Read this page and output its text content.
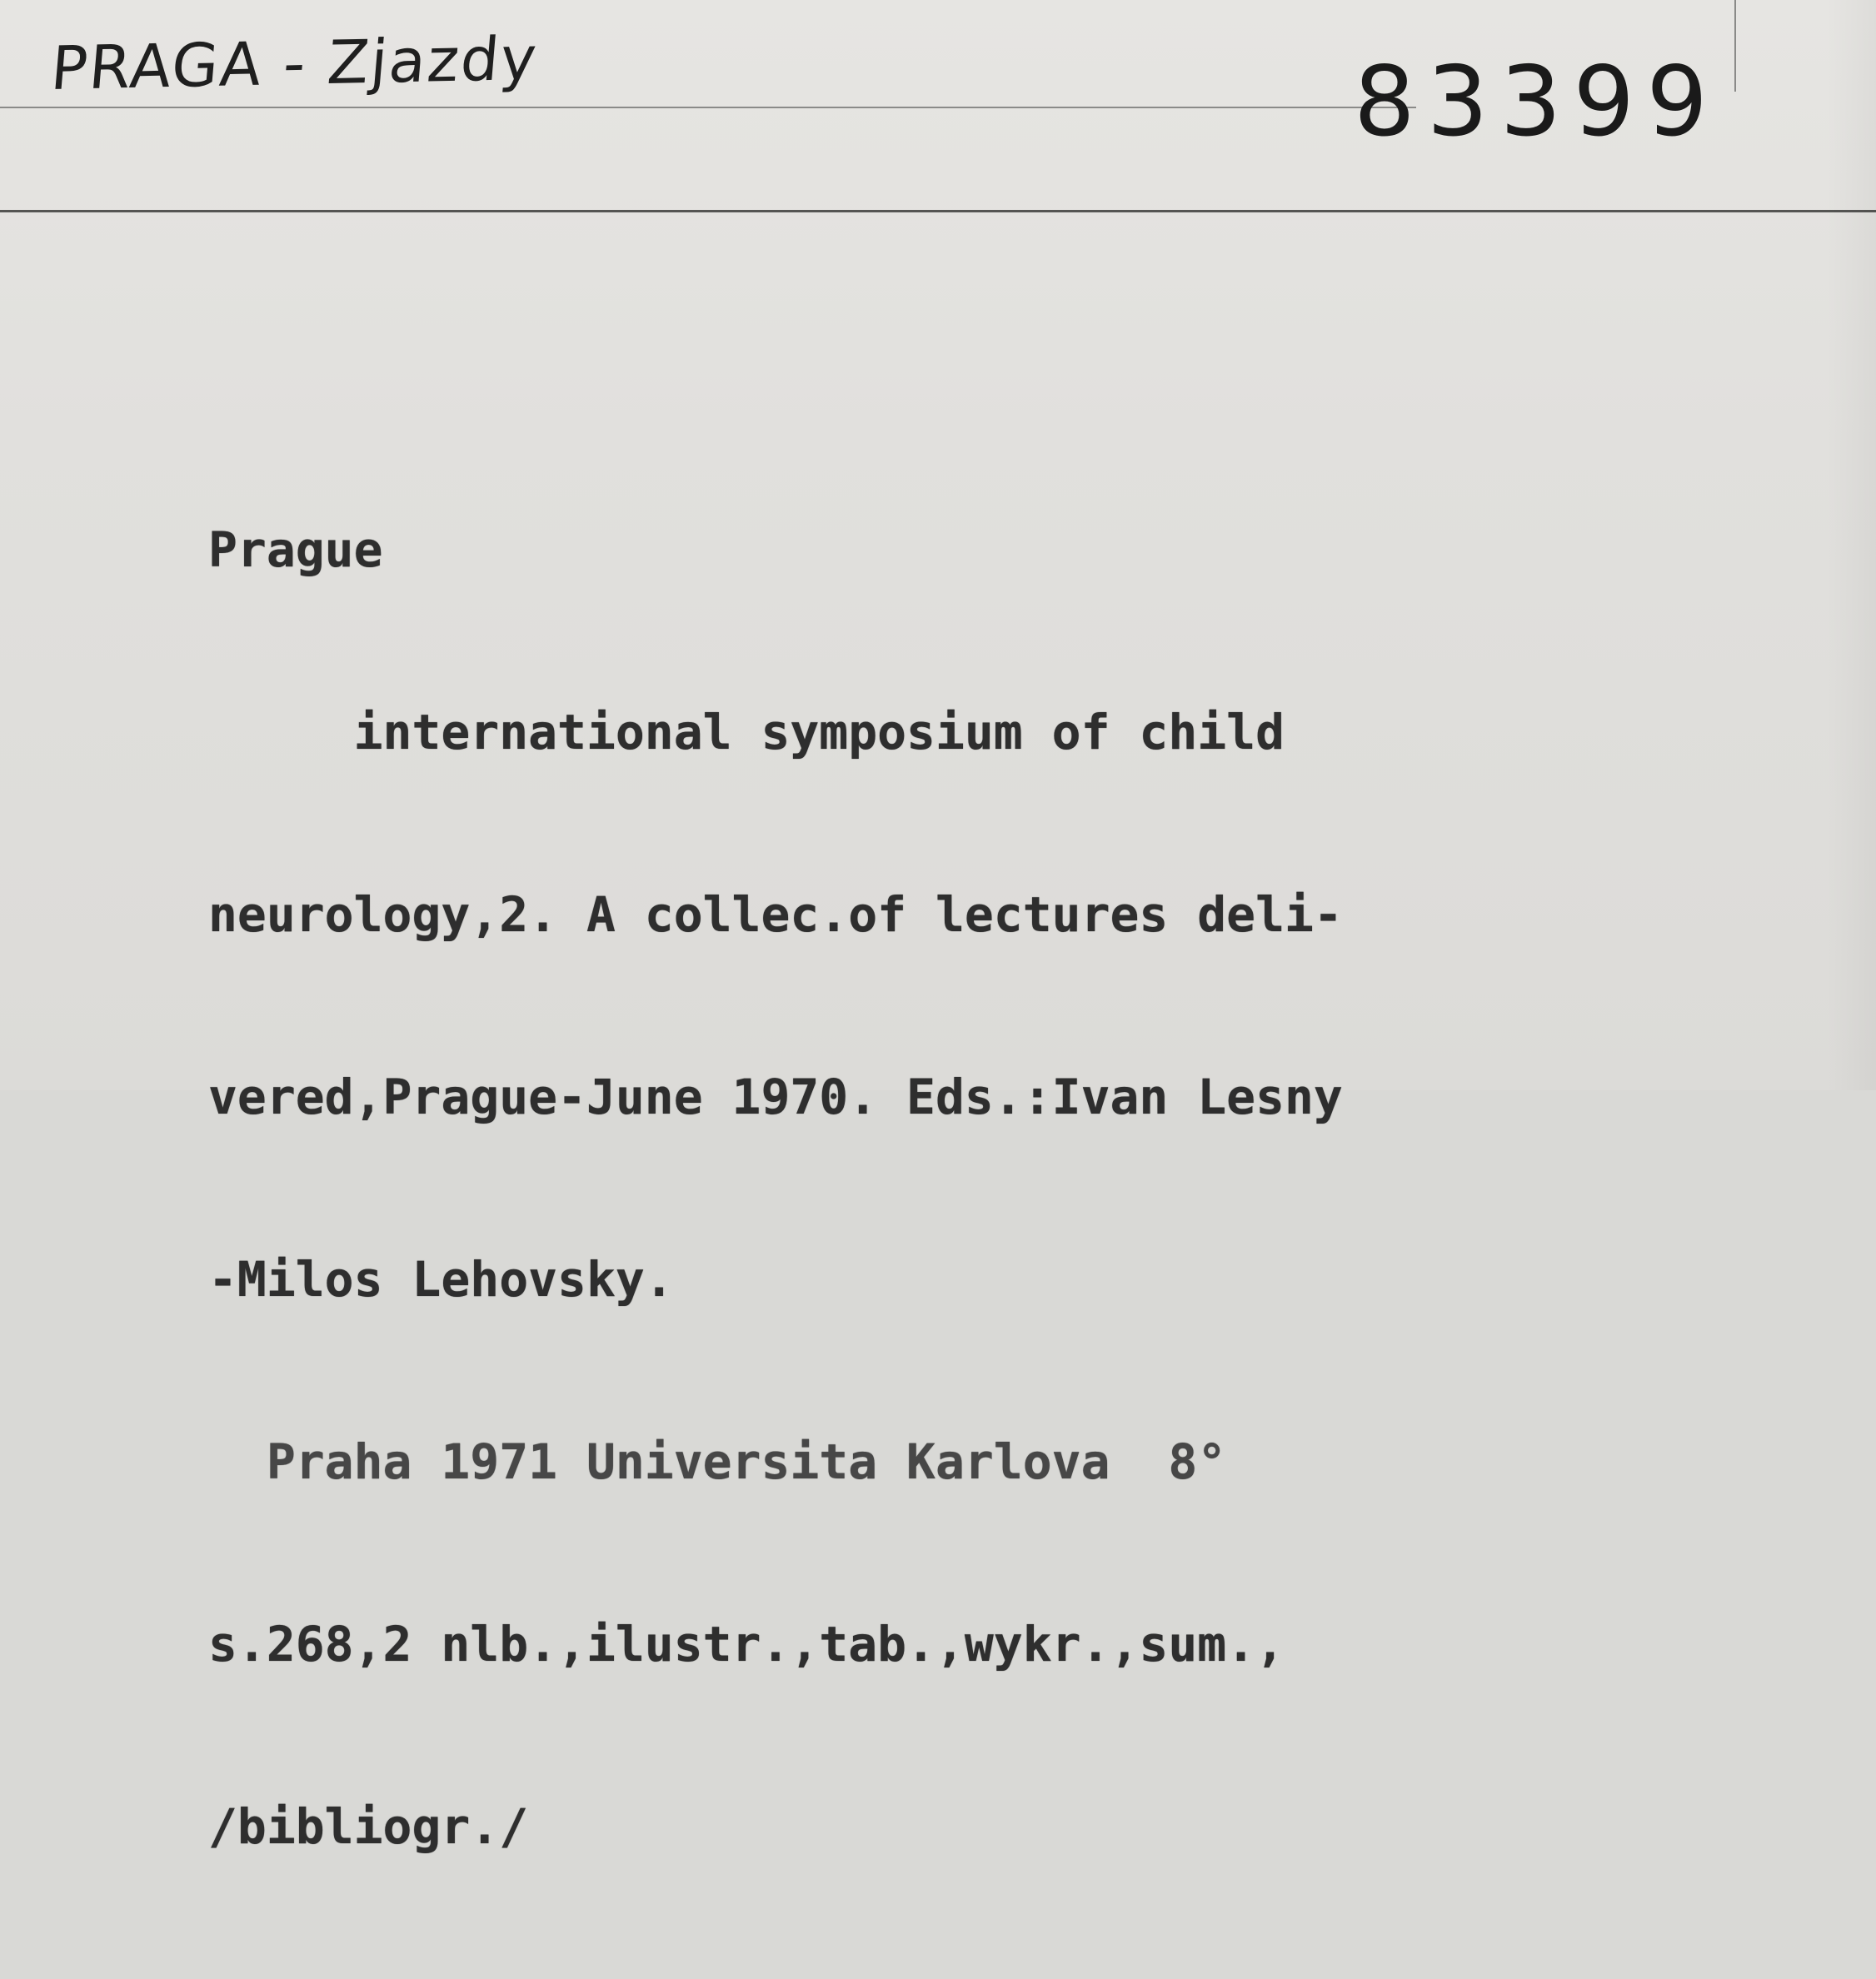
PRAGA - Zjazdy	83399

Prague

international symposium of child

neurology,2. A collec.of lectures deli-

vered,Prague-June 1970. Eds.:Ivan Lesny

-Milos Lehovsky.

Praha 1971 Universita Karlova  8°

s.268,2 nlb.,ilustr.,tab.,wykr.,sum.,

/bibliogr./
